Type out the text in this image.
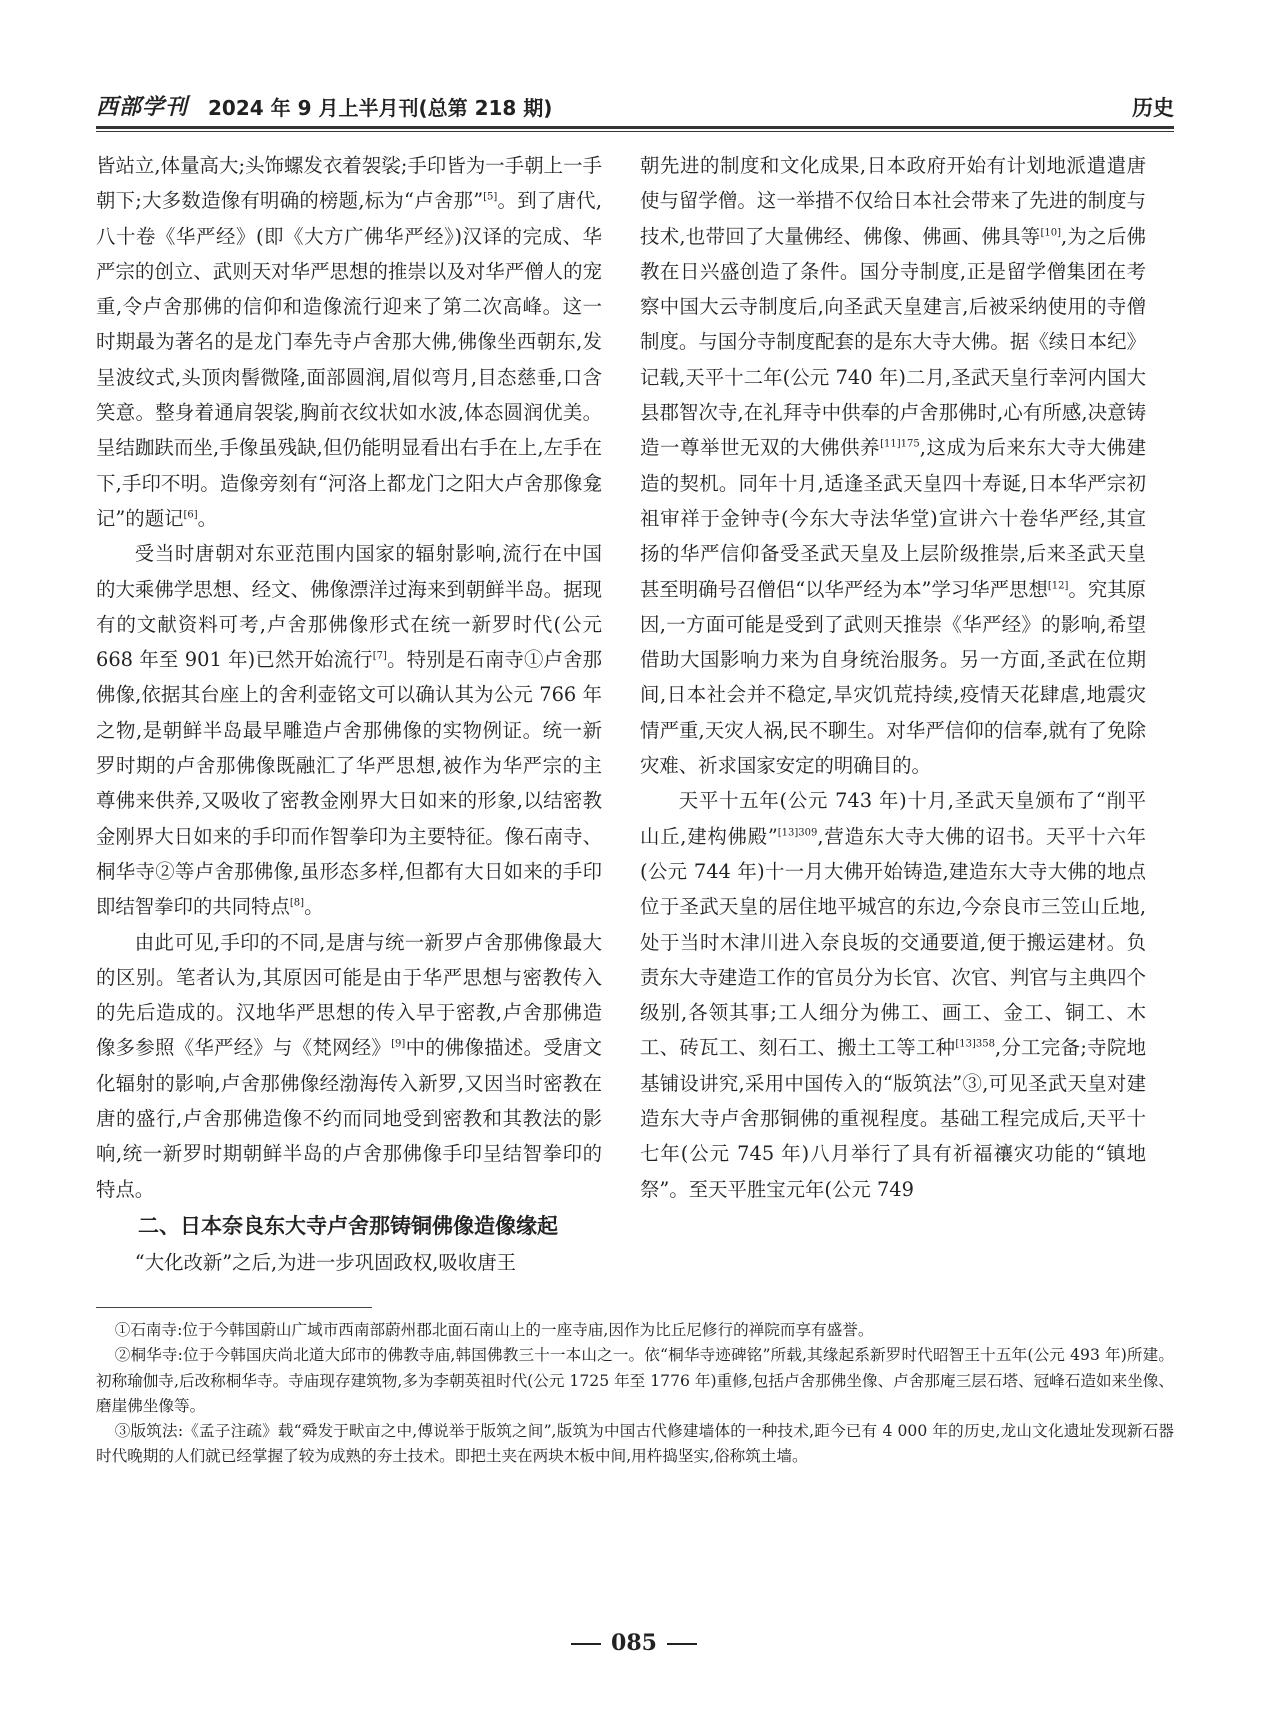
西部学刊 2024 年 9 月上半月刊(总第 218 期)	历史

皆站立,体量高大;头饰螺发衣着袈裟;手印皆为一手朝上一手朝下;大多数造像有明确的榜题,标为“卢舍那”[5]。到了唐代,八十卷《华严经》(即《大方广佛华严经》)汉译的完成、华严宗的创立、武则天对华严思想的推崇以及对华严僧人的宠重,令卢舍那佛的信仰和造像流行迎来了第二次高峰。这一时期最为著名的是龙门奉先寺卢舍那大佛,佛像坐西朝东,发呈波纹式,头顶肉髻微隆,面部圆润,眉似弯月,目态慈垂,口含笑意。整身着通肩袈裟,胸前衣纹状如水波,体态圆润优美。呈结跏趺而坐,手像虽残缺,但仍能明显看出右手在上,左手在下,手印不明。造像旁刻有“河洛上都龙门之阳大卢舍那像龛记”的题记[6]。

受当时唐朝对东亚范围内国家的辐射影响,流行在中国的大乘佛学思想、经文、佛像漂洋过海来到朝鲜半岛。据现有的文献资料可考,卢舍那佛像形式在统一新罗时代(公元 668 年至 901 年)已然开始流行[7]。特别是石南寺①卢舍那佛像,依据其台座上的舍利壶铭文可以确认其为公元 766 年之物,是朝鲜半岛最早雕造卢舍那佛像的实物例证。统一新罗时期的卢舍那佛像既融汇了华严思想,被作为华严宗的主尊佛来供养,又吸收了密教金刚界大日如来的形象,以结密教金刚界大日如来的手印而作智拳印为主要特征。像石南寺、桐华寺②等卢舍那佛像,虽形态多样,但都有大日如来的手印即结智拳印的共同特点[8]。

由此可见,手印的不同,是唐与统一新罗卢舍那佛像最大的区别。笔者认为,其原因可能是由于华严思想与密教传入的先后造成的。汉地华严思想的传入早于密教,卢舍那佛造像多参照《华严经》与《梵网经》[9]中的佛像描述。受唐文化辐射的影响,卢舍那佛像经渤海传入新罗,又因当时密教在唐的盛行,卢舍那佛造像不约而同地受到密教和其教法的影响,统一新罗时期朝鲜半岛的卢舍那佛像手印呈结智拳印的特点。

二、日本奈良东大寺卢舍那铸铜佛像造像缘起

“大化改新”之后,为进一步巩固政权,吸收唐王

朝先进的制度和文化成果,日本政府开始有计划地派遣遣唐使与留学僧。这一举措不仅给日本社会带来了先进的制度与技术,也带回了大量佛经、佛像、佛画、佛具等[10],为之后佛教在日兴盛创造了条件。国分寺制度,正是留学僧集团在考察中国大云寺制度后,向圣武天皇建言,后被采纳使用的寺僧制度。与国分寺制度配套的是东大寺大佛。据《续日本纪》记载,天平十二年(公元 740 年)二月,圣武天皇行幸河内国大县郡智次寺,在礼拜寺中供奉的卢舍那佛时,心有所感,决意铸造一尊举世无双的大佛供养$^{[11]175}$,这成为后来东大寺大佛建造的契机。同年十月,适逢圣武天皇四十寿诞,日本华严宗初祖审祥于金钟寺(今东大寺法华堂)宣讲六十卷华严经,其宣扬的华严信仰备受圣武天皇及上层阶级推崇,后来圣武天皇甚至明确号召僧侣“以华严经为本”学习华严思想[12]。究其原因,一方面可能是受到了武则天推崇《华严经》的影响,希望借助大国影响力来为自身统治服务。另一方面,圣武在位期间,日本社会并不稳定,旱灾饥荒持续,疫情天花肆虐,地震灾情严重,天灾人祸,民不聊生。对华严信仰的信奉,就有了免除灾难、祈求国家安定的明确目的。

天平十五年(公元 743 年)十月,圣武天皇颁布了“削平山丘,建构佛殿”$^{[13]309}$,营造东大寺大佛的诏书。天平十六年(公元 744 年)十一月大佛开始铸造,建造东大寺大佛的地点位于圣武天皇的居住地平城宫的东边,今奈良市三笠山丘地,处于当时木津川进入奈良坂的交通要道,便于搬运建材。负责东大寺建造工作的官员分为长官、次官、判官与主典四个级别,各领其事;工人细分为佛工、画工、金工、铜工、木工、砖瓦工、刻石工、搬土工等工种$^{[13]358}$,分工完备;寺院地基铺设讲究,采用中国传入的“版筑法”③,可见圣武天皇对建造东大寺卢舍那铜佛的重视程度。基础工程完成后,天平十七年(公元 745 年)八月举行了具有祈福禳灾功能的“镇地祭”。至天平胜宝元年(公元 749

①石南寺:位于今韩国蔚山广域市西南部蔚州郡北面石南山上的一座寺庙,因作为比丘尼修行的禅院而享有盛誉。

②桐华寺:位于今韩国庆尚北道大邱市的佛教寺庙,韩国佛教三十一本山之一。依“桐华寺迹碑铭”所载,其缘起系新罗时代昭智王十五年(公元 493 年)所建。初称瑜伽寺,后改称桐华寺。寺庙现存建筑物,多为李朝英祖时代(公元 1725 年至 1776 年)重修,包括卢舍那佛坐像、卢舍那庵三层石塔、冠峰石造如来坐像、磨崖佛坐像等。

③版筑法:《孟子注疏》载“舜发于畎亩之中,傅说举于版筑之间”,版筑为中国古代修建墙体的一种技术,距今已有 4 000 年的历史,龙山文化遗址发现新石器时代晚期的人们就已经掌握了较为成熟的夯土技术。即把土夹在两块木板中间,用杵捣坚实,俗称筑土墙。

085
